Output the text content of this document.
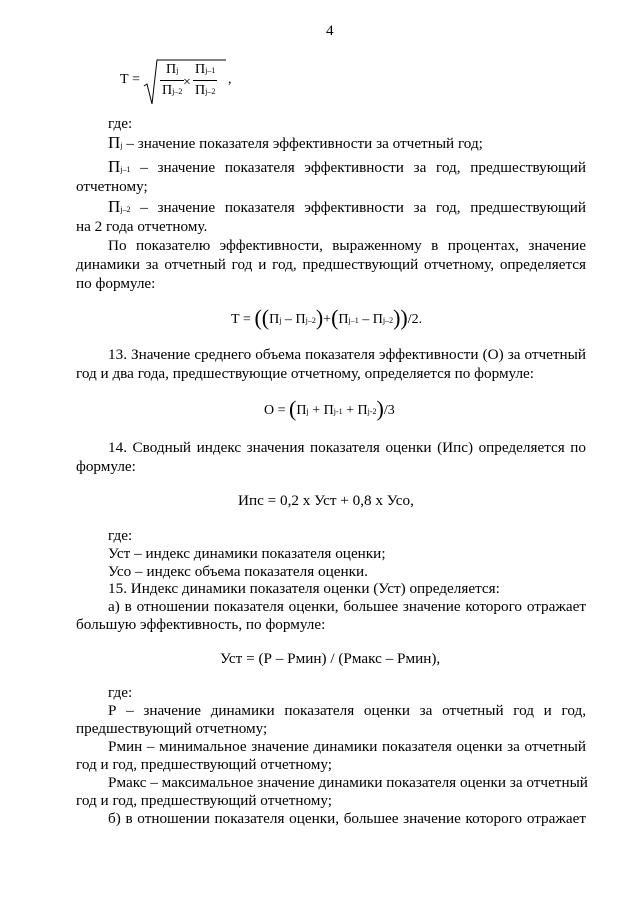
4
$Т = \frac{Пj}{Пj-2}$
× $\frac{Пj-1}{Пj-2}$ ,
где:
Пj – значение показателя эффективности за отчетный год;
Пj–1 – значение показателя эффективности за год, предшествующий
отчетному;
Пj–2 – значение показателя эффективности за год, предшествующий
на 2 года отчетному.
По показателю эффективности, выраженному в процентах, значение
динамики за отчетный год и год, предшествующий отчетному, определяется
по формуле:
Т = ((Пj – Пj–2)+(Пj–1 – Пj–2))/2.
13. Значение среднего объема показателя эффективности (О) за отчетный
год и два года, предшествующие отчетному, определяется по формуле:
О = (Пj + Пj-1 + Пj-2)/3
14. Сводный индекс значения показателя оценки (Ипс) определяется по
формуле:
Ипс = 0,2 х Уст + 0,8 х Усо,
где:
Уст – индекс динамики показателя оценки;
Усо – индекс объема показателя оценки.
15. Индекс динамики показателя оценки (Уст) определяется:
а) в отношении показателя оценки, большее значение которого отражает
большую эффективность, по формуле:
Уст = (Р – Рмин) / (Рмакс – Рмин),
где:
Р – значение динамики показателя оценки за отчетный год и год,
предшествующий отчетному;
Рмин – минимальное значение динамики показателя оценки за отчетный
год и год, предшествующий отчетному;
Рмакс – максимальное значение динамики показателя оценки за отчетный
год и год, предшествующий отчетному;
б) в отношении показателя оценки, большее значение которого отражает
